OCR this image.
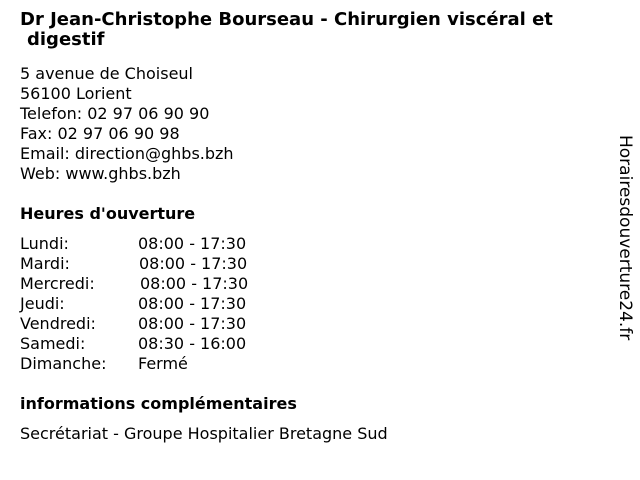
Dr Jean-Christophe Bourseau - Chirurgien viscéral et
digestif
5 avenue de Choiseul
56100 Lorient
Telefon: 02 97 06 90 90
Fax: 02 97 06 90 98
Email: direction@ghbs.bzh
Web: www.ghbs.bzh
Heures d'ouverture
Lundi:	08:00 - 17:30
Mardi:	08:00 - 17:30
Mercredi:	08:00 - 17:30
Jeudi:	08:00 - 17:30
Vendredi:	08:00 - 17:30
Samedi:	08:30 - 16:00
Dimanche: Fermé
informations complémentaires
Secrétariat - Groupe Hospitalier Bretagne Sud
Horairesdouverture24.fr
